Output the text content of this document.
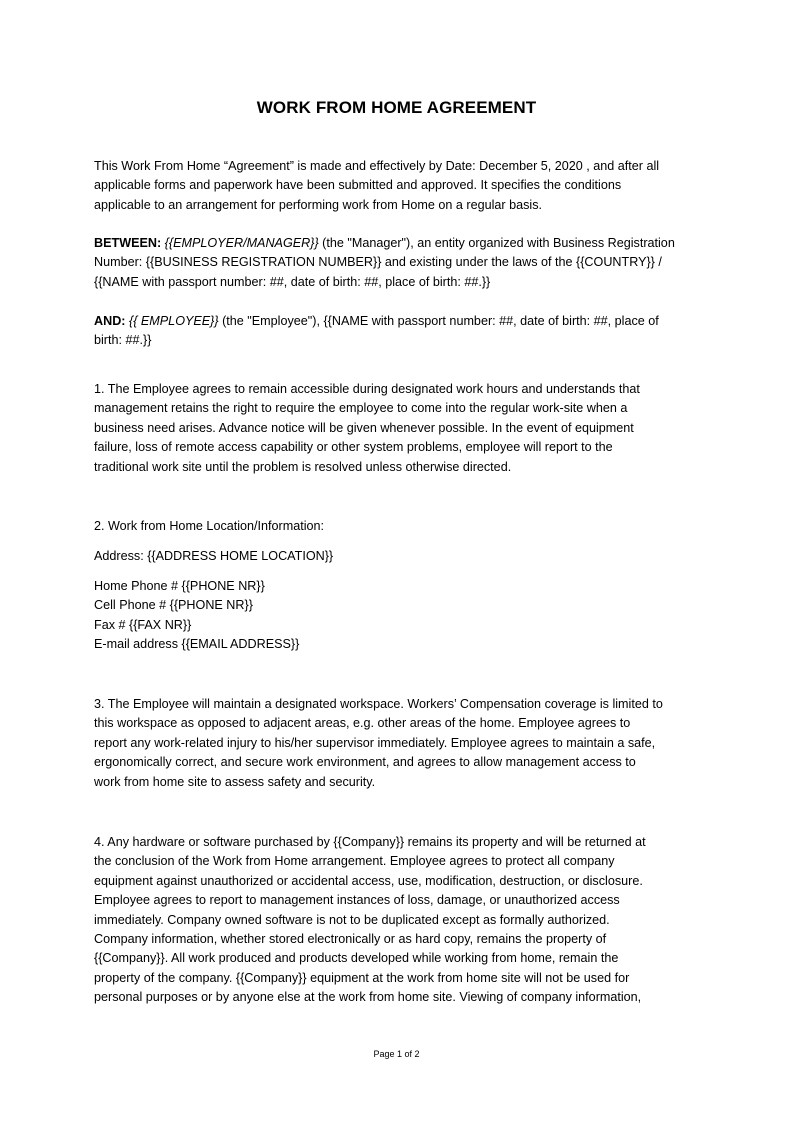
WORK FROM HOME AGREEMENT
This Work From Home “Agreement” is made and effectively by Date: December 5, 2020 , and after all
applicable forms and paperwork have been submitted and approved. It specifies the conditions
applicable to an arrangement for performing work from Home on a regular basis.
BETWEEN: {{EMPLOYER/MANAGER}} (the "Manager"), an entity organized with Business Registration
Number: {{BUSINESS REGISTRATION NUMBER}} and existing under the laws of the {{COUNTRY}} /
{{NAME with passport number: ##, date of birth: ##, place of birth: ##.}}
AND: {{ EMPLOYEE}} (the "Employee"), {{NAME with passport number: ##, date of birth: ##, place of
birth: ##.}}
1. The Employee agrees to remain accessible during designated work hours and understands that
management retains the right to require the employee to come into the regular work-site when a
business need arises. Advance notice will be given whenever possible. In the event of equipment
failure, loss of remote access capability or other system problems, employee will report to the
traditional work site until the problem is resolved unless otherwise directed.
2. Work from Home Location/Information:
Address: {{ADDRESS HOME LOCATION}}
Home Phone # {{PHONE NR}}
Cell Phone # {{PHONE NR}}
Fax # {{FAX NR}}
E-mail address {{EMAIL ADDRESS}}
3. The Employee will maintain a designated workspace. Workers’ Compensation coverage is limited to
this workspace as opposed to adjacent areas, e.g. other areas of the home. Employee agrees to
report any work-related injury to his/her supervisor immediately. Employee agrees to maintain a safe,
ergonomically correct, and secure work environment, and agrees to allow management access to
work from home site to assess safety and security.
4. Any hardware or software purchased by {{Company}} remains its property and will be returned at
the conclusion of the Work from Home arrangement. Employee agrees to protect all company
equipment against unauthorized or accidental access, use, modification, destruction, or disclosure.
Employee agrees to report to management instances of loss, damage, or unauthorized access
immediately. Company owned software is not to be duplicated except as formally authorized.
Company information, whether stored electronically or as hard copy, remains the property of
{{Company}}. All work produced and products developed while working from home, remain the
property of the company. {{Company}} equipment at the work from home site will not be used for
personal purposes or by anyone else at the work from home site. Viewing of company information,
Page 1 of 2
